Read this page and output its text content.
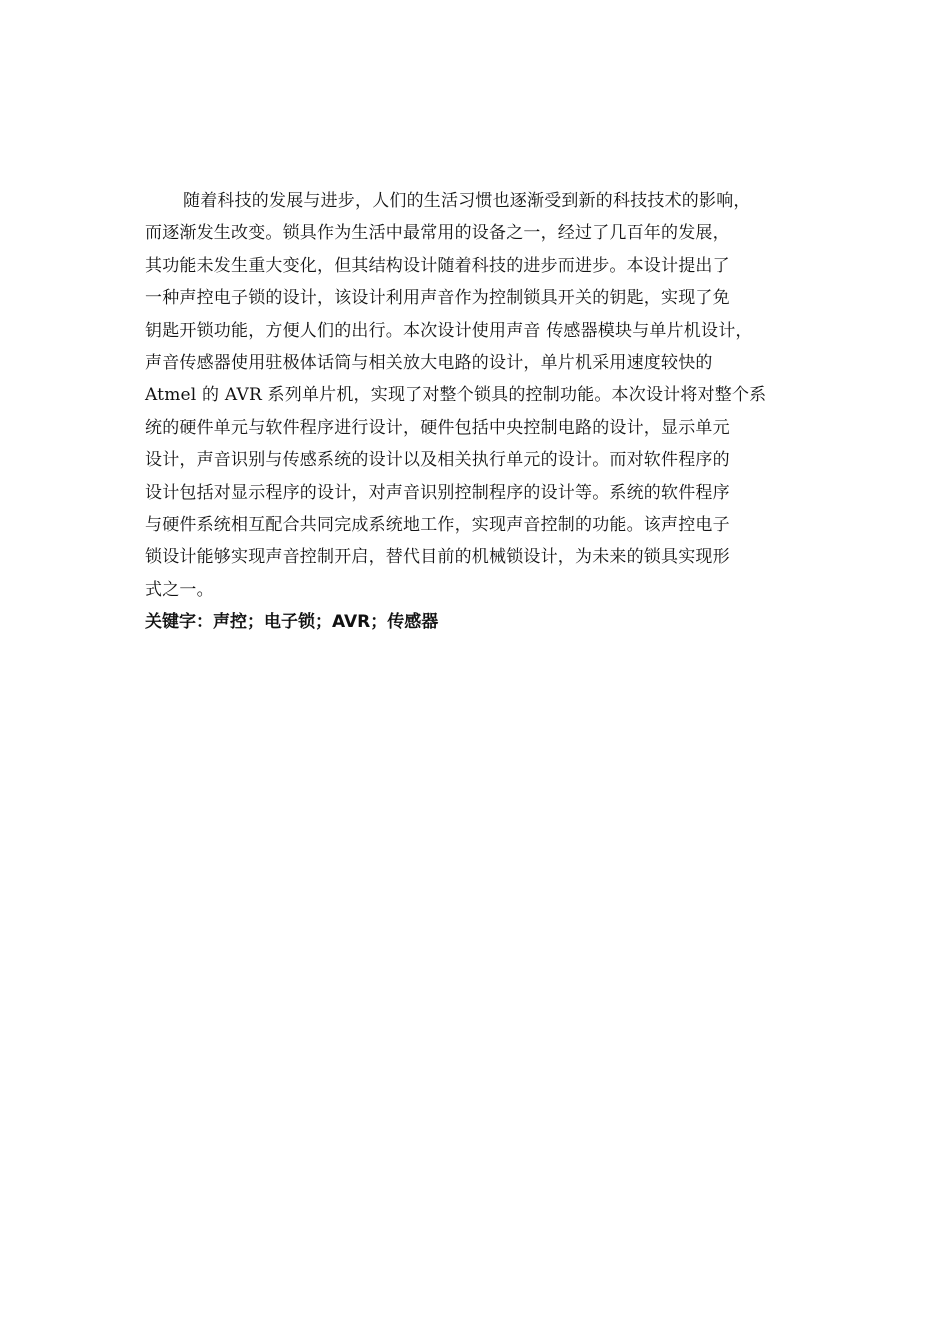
随着科技的发展与进步，人们的生活习惯也逐渐受到新的科技技术的影响，
而逐渐发生改变。锁具作为生活中最常用的设备之一，经过了几百年的发展，
其功能未发生重大变化，但其结构设计随着科技的进步而进步。本设计提出了
一种声控电子锁的设计，该设计利用声音作为控制锁具开关的钥匙，实现了免
钥匙开锁功能，方便人们的出行。本次设计使用声音 传感器模块与单片机设计，
声音传感器使用驻极体话筒与相关放大电路的设计，单片机采用速度较快的
Atmel 的 AVR 系列单片机，实现了对整个锁具的控制功能。本次设计将对整个系
统的硬件单元与软件程序进行设计，硬件包括中央控制电路的设计，显示单元
设计，声音识别与传感系统的设计以及相关执行单元的设计。而对软件程序的
设计包括对显示程序的设计，对声音识别控制程序的设计等。系统的软件程序
与硬件系统相互配合共同完成系统地工作，实现声音控制的功能。该声控电子
锁设计能够实现声音控制开启，替代目前的机械锁设计，为未来的锁具实现形
式之一。
关键字：声控；电子锁；AVR；传感器
